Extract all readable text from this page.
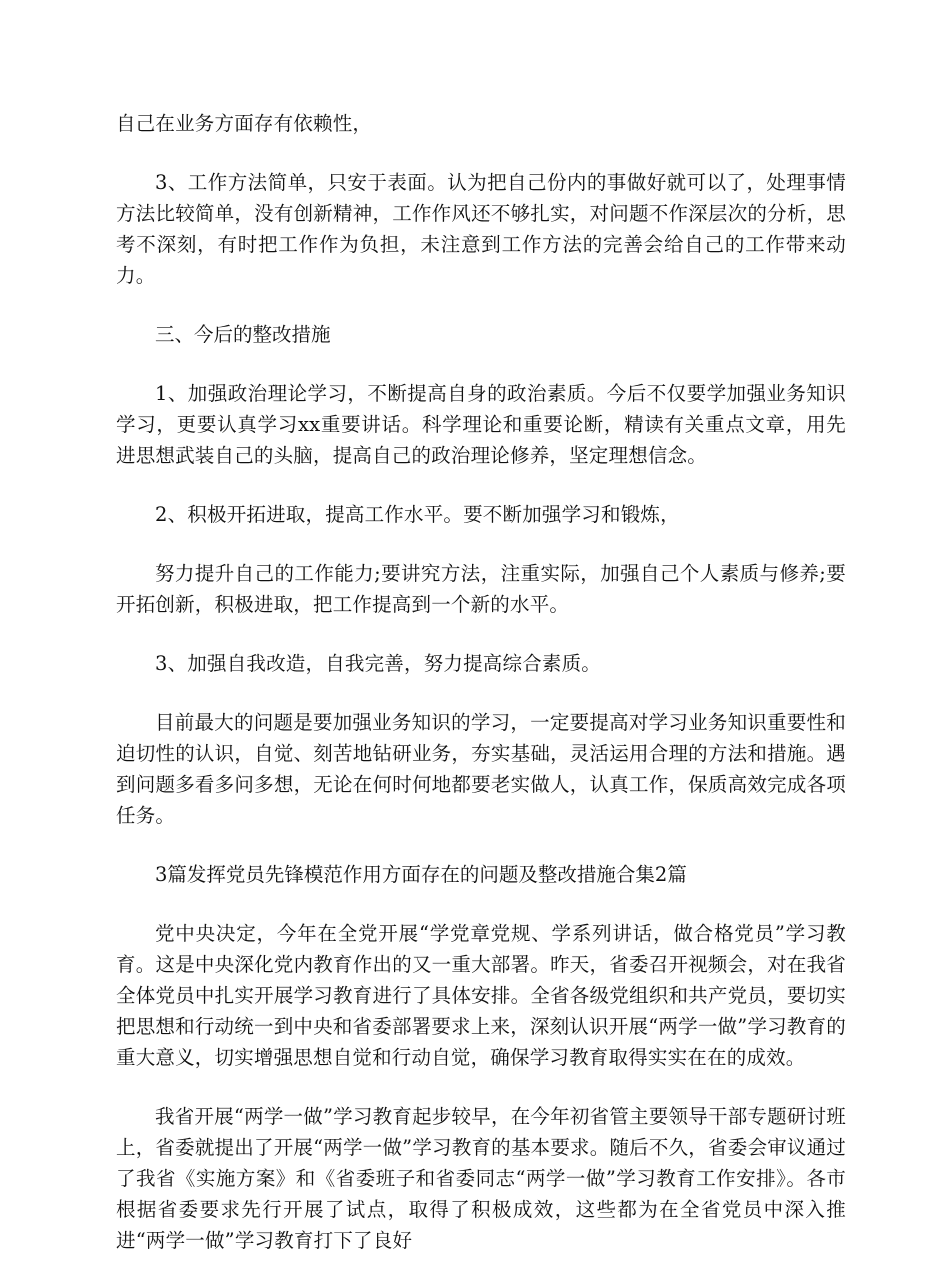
自己在业务方面存有依赖性，

3、工作方法简单，只安于表面。认为把自己份内的事做好就可以了，处理事情方法比较简单，没有创新精神，工作作风还不够扎实，对问题不作深层次的分析，思考不深刻，有时把工作作为负担，未注意到工作方法的完善会给自己的工作带来动力。

三、今后的整改措施

1、加强政治理论学习，不断提高自身的政治素质。今后不仅要学加强业务知识学习，更要认真学习xx重要讲话。科学理论和重要论断，精读有关重点文章，用先进思想武装自己的头脑，提高自己的政治理论修养，坚定理想信念。

2、积极开拓进取，提高工作水平。要不断加强学习和锻炼，

努力提升自己的工作能力;要讲究方法，注重实际，加强自己个人素质与修养;要开拓创新，积极进取，把工作提高到一个新的水平。

3、加强自我改造，自我完善，努力提高综合素质。

目前最大的问题是要加强业务知识的学习，一定要提高对学习业务知识重要性和迫切性的认识，自觉、刻苦地钻研业务，夯实基础，灵活运用合理的方法和措施。遇到问题多看多问多想，无论在何时何地都要老实做人，认真工作，保质高效完成各项任务。

3篇发挥党员先锋模范作用方面存在的问题及整改措施合集2篇

党中央决定，今年在全党开展“学党章党规、学系列讲话，做合格党员”学习教育。这是中央深化党内教育作出的又一重大部署。昨天，省委召开视频会，对在我省全体党员中扎实开展学习教育进行了具体安排。全省各级党组织和共产党员，要切实把思想和行动统一到中央和省委部署要求上来，深刻认识开展“两学一做”学习教育的重大意义，切实增强思想自觉和行动自觉，确保学习教育取得实实在在的成效。

我省开展“两学一做”学习教育起步较早，在今年初省管主要领导干部专题研讨班上，省委就提出了开展“两学一做”学习教育的基本要求。随后不久，省委会审议通过了我省《实施方案》和《省委班子和省委同志“两学一做”学习教育工作安排》。各市根据省委要求先行开展了试点，取得了积极成效，这些都为在全省党员中深入推进“两学一做”学习教育打下了良好
